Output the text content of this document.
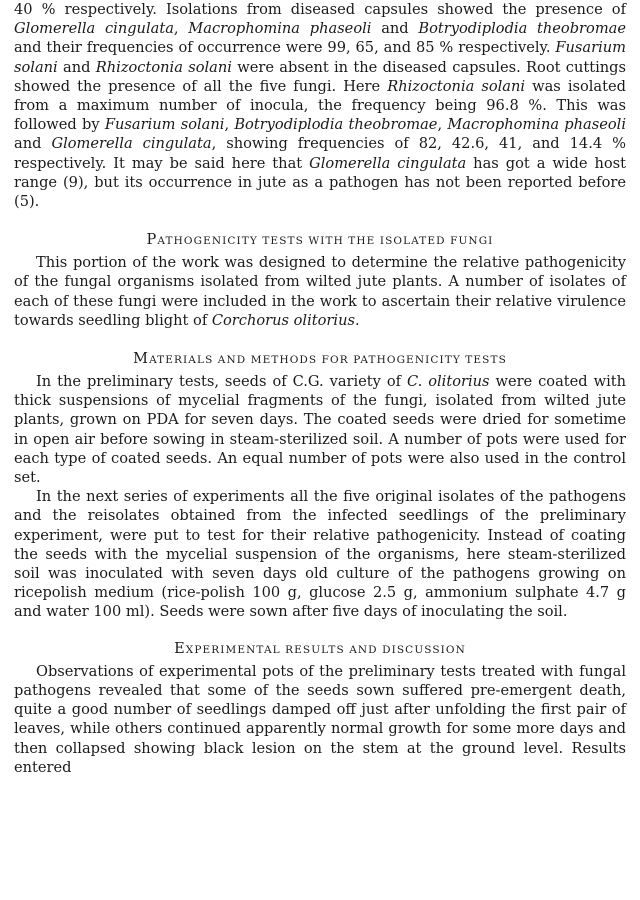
40 % respectively. Isolations from diseased capsules showed the presence of Glomerella cingulata, Macrophomina phaseoli and Botryodiplodia theobromae and their frequencies of occurrence were 99, 65, and 85 % respectively. Fusarium solani and Rhizoctonia solani were absent in the diseased capsules. Root cuttings showed the presence of all the five fungi. Here Rhizoctonia solani was isolated from a maximum number of inocula, the frequency being 96.8 %. This was followed by Fusarium solani, Botryodiplodia theobromae, Macrophomina phaseoli and Glomerella cingulata, showing frequencies of 82, 42.6, 41, and 14.4 % respectively. It may be said here that Glomerella cingulata has got a wide host range (9), but its occurrence in jute as a pathogen has not been reported before (5).

PATHOGENICITY TESTS WITH THE ISOLATED FUNGI

This portion of the work was designed to determine the relative pathogenicity of the fungal organisms isolated from wilted jute plants. A number of isolates of each of these fungi were included in the work to ascertain their relative virulence towards seedling blight of Corchorus olitorius.

MATERIALS AND METHODS FOR PATHOGENICITY TESTS

In the preliminary tests, seeds of C.G. variety of C. olitorius were coated with thick suspensions of mycelial fragments of the fungi, isolated from wilted jute plants, grown on PDA for seven days. The coated seeds were dried for sometime in open air before sowing in steam-sterilized soil. A number of pots were used for each type of coated seeds. An equal number of pots were also used in the control set.

In the next series of experiments all the five original isolates of the pathogens and the reisolates obtained from the infected seedlings of the preliminary experiment, were put to test for their relative pathogenicity. Instead of coating the seeds with the mycelial suspension of the organisms, here steam-sterilized soil was inoculated with seven days old culture of the pathogens growing on ricepolish medium (rice-polish 100 g, glucose 2.5 g, ammonium sulphate 4.7 g and water 100 ml). Seeds were sown after five days of inoculating the soil.

EXPERIMENTAL RESULTS AND DISCUSSION

Observations of experimental pots of the preliminary tests treated with fungal pathogens revealed that some of the seeds sown suffered pre-emergent death, quite a good number of seedlings damped off just after unfolding the first pair of leaves, while others continued apparently normal growth for some more days and then collapsed showing black lesion on the stem at the ground level. Results entered
